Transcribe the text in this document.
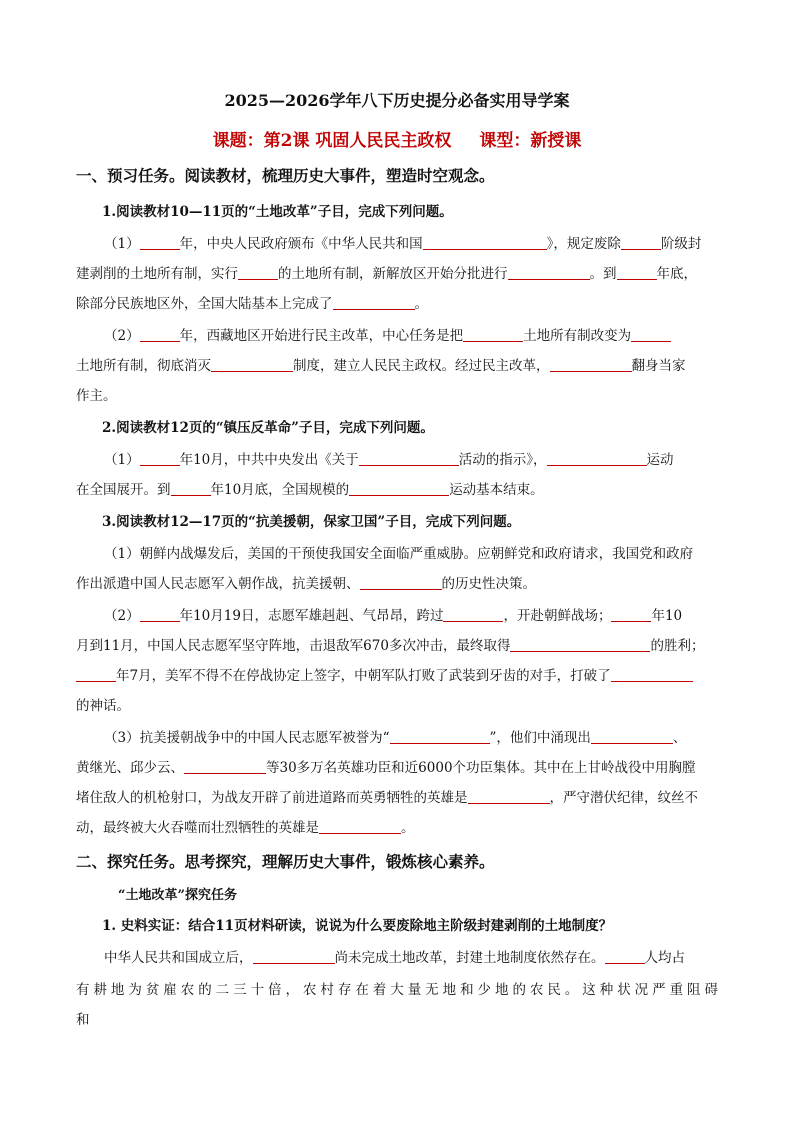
2025—2026学年八下历史提分必备实用导学案
课题：第2课 巩固人民民主政权 课型：新授课
一、预习任务。阅读教材，梳理历史大事件，塑造时空观念。
1.阅读教材10—11页的“土地改革”子目，完成下列问题。
（1）	年，中央人民政府颁布《中华人民共和国	》，规定废除	阶级封
建剥削的土地所有制，实行	的土地所有制，新解放区开始分批进行	。到	年底，
除部分民族地区外，全国大陆基本上完成了	。
（2）	年，西藏地区开始进行民主改革，中心任务是把	土地所有制改变为
土地所有制，彻底消灭	制度，建立人民民主政权。经过民主改革，	翻身当家
作主。
2.阅读教材12页的“镇压反革命”子目，完成下列问题。
（1）	年10月，中共中央发出《关于	活动的指示》，	运动
在全国展开。到	年10月底，全国规模的	运动基本结束。
3.阅读教材12—17页的“抗美援朝，保家卫国”子目，完成下列问题。
（1）朝鲜内战爆发后，美国的干预使我国安全面临严重威胁。应朝鲜党和政府请求，我国党和政府
作出派遣中国人民志愿军入朝作战，抗美援朝、	的历史性决策。
（2）	年10月19日，志愿军雄赳赳、气昂昂，跨过	，开赴朝鲜战场；	年10
月到11月，中国人民志愿军坚守阵地，击退敌军670多次冲击，最终取得	的胜利；
年7月，美军不得不在停战协定上签字，中朝军队打败了武装到牙齿的对手，打破了
的神话。
（3）抗美援朝战争中的中国人民志愿军被誉为“	”，他们中涌现出	、
黄继光、邱少云、	等30多万名英雄功臣和近6000个功臣集体。其中在上甘岭战役中用胸膛
堵住敌人的机枪射口，为战友开辟了前进道路而英勇牺牲的英雄是	，严守潜伏纪律，纹丝不
动，最终被大火吞噬而壮烈牺牲的英雄是	。
二、探究任务。思考探究，理解历史大事件，锻炼核心素养。
“土地改革”探究任务
1. 史料实证：结合11页材料研读，说说为什么要废除地主阶级封建剥削的土地制度？
中华人民共和国成立后，	尚未完成土地改革，封建土地制度依然存在。	人均占
有耕地为贫雇农的二三十倍，农村存在着大量无地和少地的农民。这种状况严重阻碍
和
